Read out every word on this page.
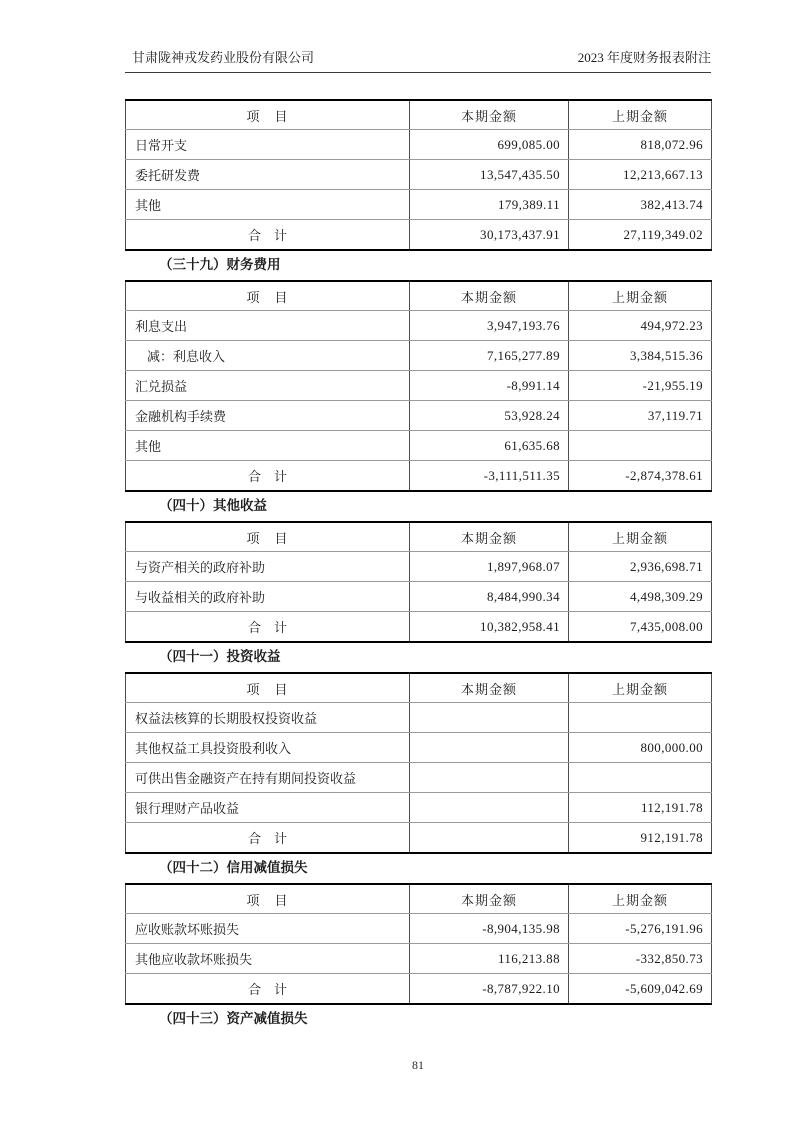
甘肃陇神戎发药业股份有限公司	2023 年度财务报表附注
项　目	本期金额	上期金额
日常开支	699,085.00	818,072.96
委托研发费	13,547,435.50	12,213,667.13
其他	179,389.11	382,413.74
合　计	30,173,437.91	27,119,349.02
（三十九）财务费用
项　目	本期金额	上期金额
利息支出	3,947,193.76	494,972.23
减：利息收入	7,165,277.89	3,384,515.36
汇兑损益	-8,991.14	-21,955.19
金融机构手续费	53,928.24	37,119.71
其他	61,635.68	
合　计	-3,111,511.35	-2,874,378.61
（四十）其他收益
项　目	本期金额	上期金额
与资产相关的政府补助	1,897,968.07	2,936,698.71
与收益相关的政府补助	8,484,990.34	4,498,309.29
合　计	10,382,958.41	7,435,008.00
（四十一）投资收益
项　目	本期金额	上期金额
权益法核算的长期股权投资收益		
其他权益工具投资股利收入		800,000.00
可供出售金融资产在持有期间投资收益		
银行理财产品收益		112,191.78
合　计		912,191.78
（四十二）信用减值损失
项　目	本期金额	上期金额
应收账款坏账损失	-8,904,135.98	-5,276,191.96
其他应收款坏账损失	116,213.88	-332,850.73
合　计	-8,787,922.10	-5,609,042.69
（四十三）资产减值损失
81
